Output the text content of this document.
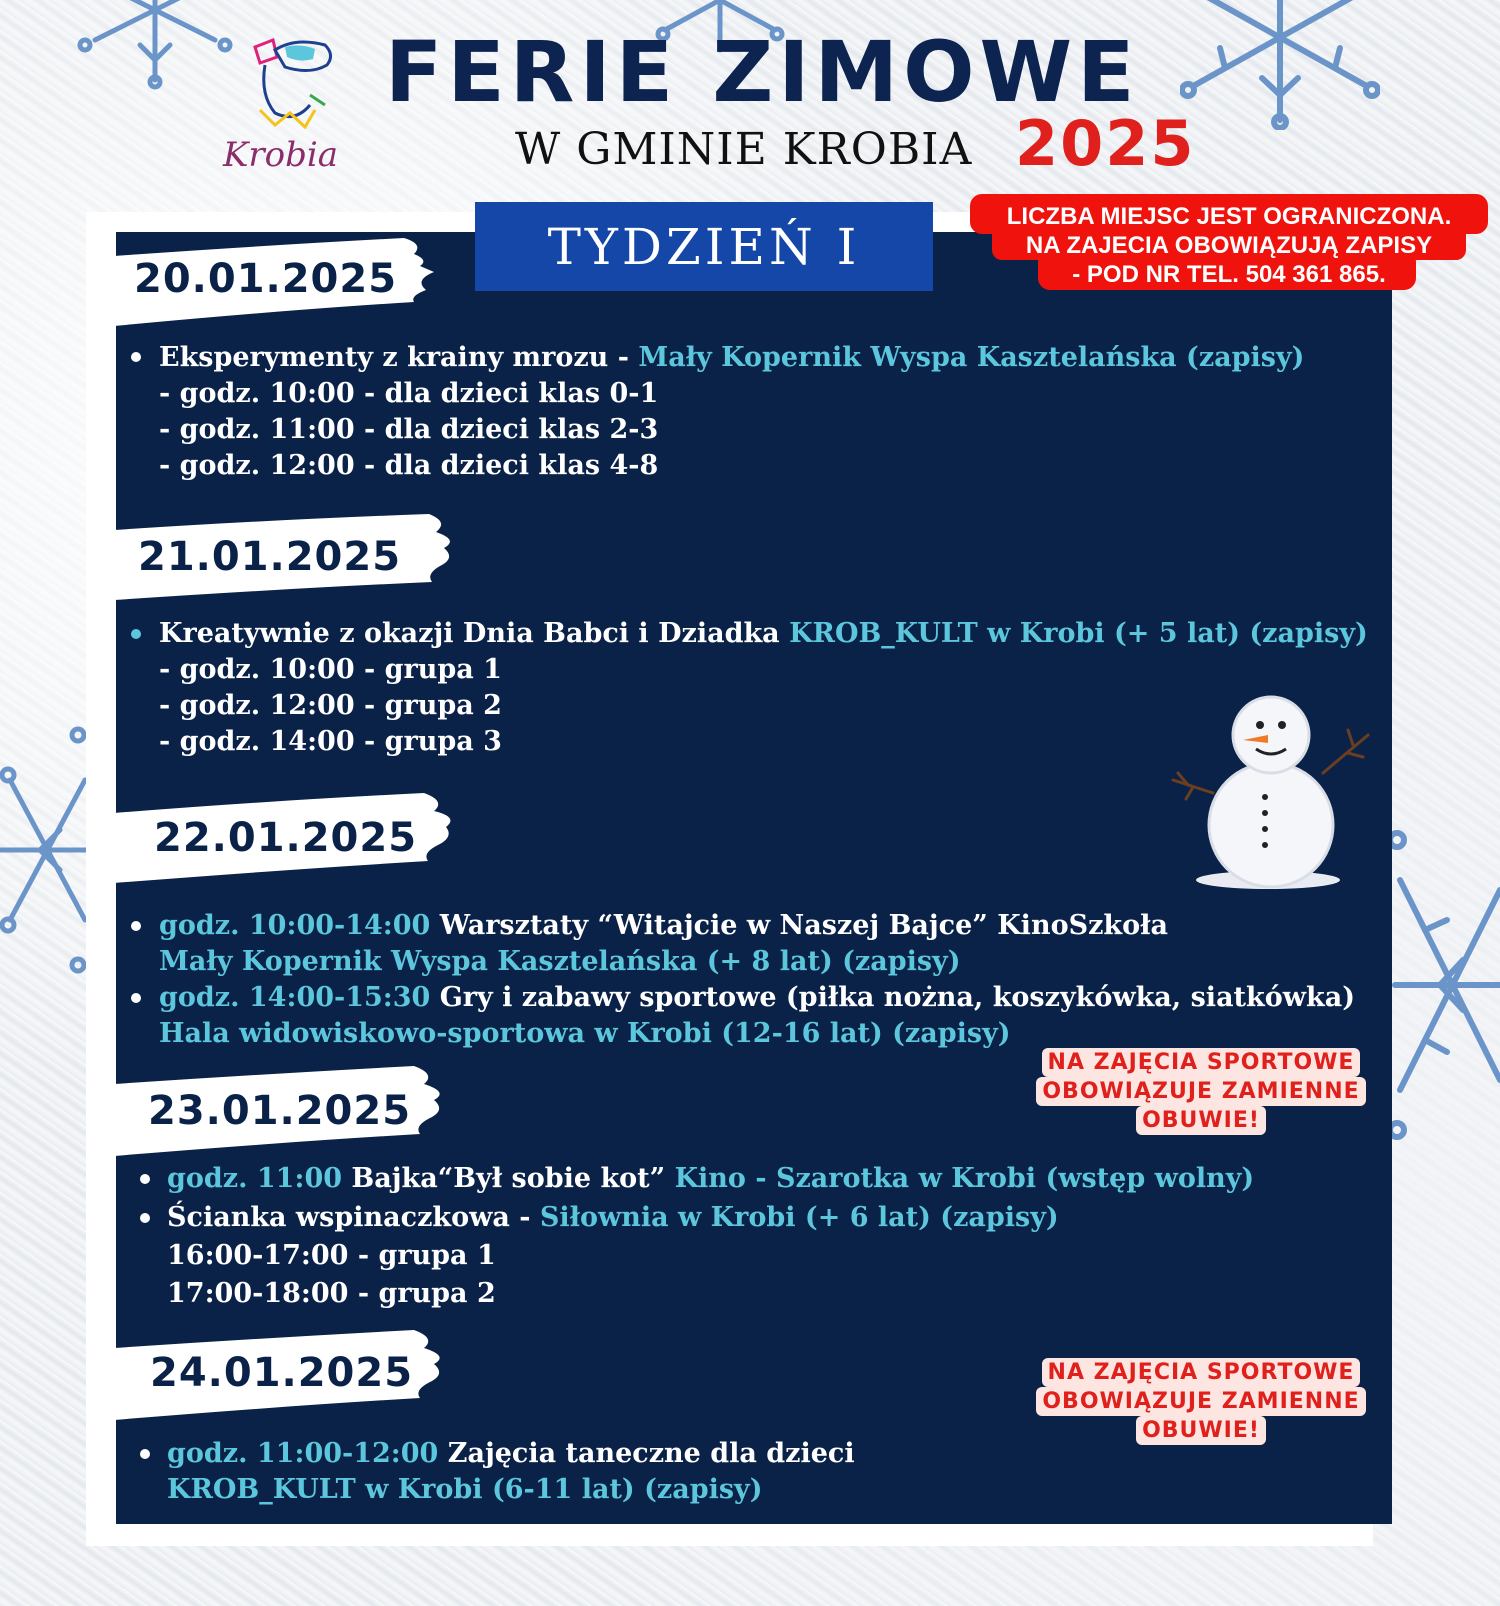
Krobia
FERIE ZIMOWE
W GMINIE KROBIA 2025
TYDZIEŃ I
LICZBA MIEJSC JEST OGRANICZONA.
NA ZAJECIA OBOWIĄZUJĄ ZAPISY
- POD NR TEL. 504 361 865.
20.01.2025
Eksperymenty z krainy mrozu - Mały Kopernik Wyspa Kasztelańska (zapisy)
- godz. 10:00 - dla dzieci klas 0-1
- godz. 11:00 - dla dzieci klas 2-3
- godz. 12:00 - dla dzieci klas 4-8
21.01.2025
Kreatywnie z okazji Dnia Babci i Dziadka KROB_KULT w Krobi (+ 5 lat) (zapisy)
- godz. 10:00 - grupa 1
- godz. 12:00 - grupa 2
- godz. 14:00 - grupa 3
22.01.2025
godz. 10:00-14:00 Warsztaty “Witajcie w Naszej Bajce” KinoSzkoła
Mały Kopernik Wyspa Kasztelańska (+ 8 lat) (zapisy)
godz. 14:00-15:30 Gry i zabawy sportowe (piłka nożna, koszykówka, siatkówka)
Hala widowiskowo-sportowa w Krobi (12-16 lat) (zapisy)
NA ZAJĘCIA SPORTOWE
OBOWIĄZUJE ZAMIENNE
OBUWIE!
23.01.2025
godz. 11:00 Bajka“Był sobie kot” Kino - Szarotka w Krobi (wstęp wolny)
Ścianka wspinaczkowa - Siłownia w Krobi (+ 6 lat) (zapisy)
16:00-17:00 - grupa 1
17:00-18:00 - grupa 2
24.01.2025	NA ZAJĘCIA SPORTOWE
OBOWIĄZUJE ZAMIENNE
OBUWIE!
godz. 11:00-12:00 Zajęcia taneczne dla dzieci
KROB_KULT w Krobi (6-11 lat) (zapisy)
